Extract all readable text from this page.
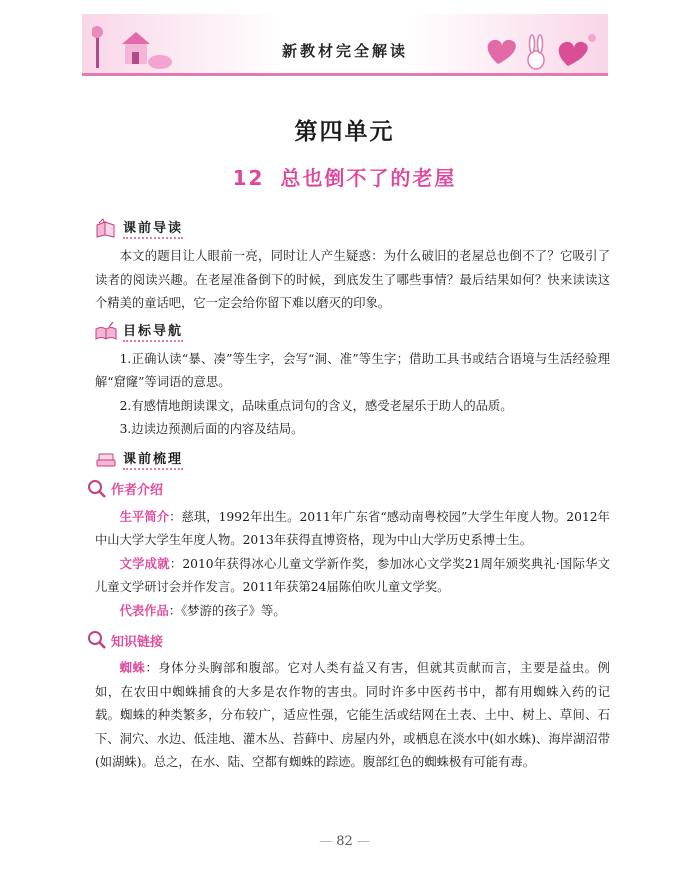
新教材完全解读
第四单元
12 总也倒不了的老屋
课前导读

本文的题目让人眼前一亮，同时让人产生疑惑：为什么破旧的老屋总也倒不了？它吸引了读者的阅读兴趣。在老屋准备倒下的时候，到底发生了哪些事情？最后结果如何？快来读读这个精美的童话吧，它一定会给你留下难以磨灭的印象。

目标导航

1.正确认读“暴、凑”等生字，会写“洞、准”等生字；借助工具书或结合语境与生活经验理解“窟窿”等词语的意思。

2.有感情地朗读课文，品味重点词句的含义，感受老屋乐于助人的品质。

3.边读边预测后面的内容及结局。

课前梳理
作者介绍

生平简介：慈琪，1992年出生。2011年广东省“感动南粤校园”大学生年度人物。2012年中山大学大学生年度人物。2013年获得直博资格，现为中山大学历史系博士生。

文学成就：2010年获得冰心儿童文学新作奖，参加冰心文学奖21周年颁奖典礼·国际华文儿童文学研讨会并作发言。2011年获第24届陈伯吹儿童文学奖。

代表作品：《梦游的孩子》等。

知识链接

蜘蛛：身体分头胸部和腹部。它对人类有益又有害，但就其贡献而言，主要是益虫。例如，在农田中蜘蛛捕食的大多是农作物的害虫。同时许多中医药书中，都有用蜘蛛入药的记载。蜘蛛的种类繁多，分布较广，适应性强，它能生活或结网在土表、土中、树上、草间、石下、洞穴、水边、低洼地、灌木丛、苔藓中、房屋内外，或栖息在淡水中(如水蛛)、海岸湖沼带(如湖蛛)。总之，在水、陆、空都有蜘蛛的踪迹。腹部红色的蜘蛛极有可能有毒。

— 82 —
